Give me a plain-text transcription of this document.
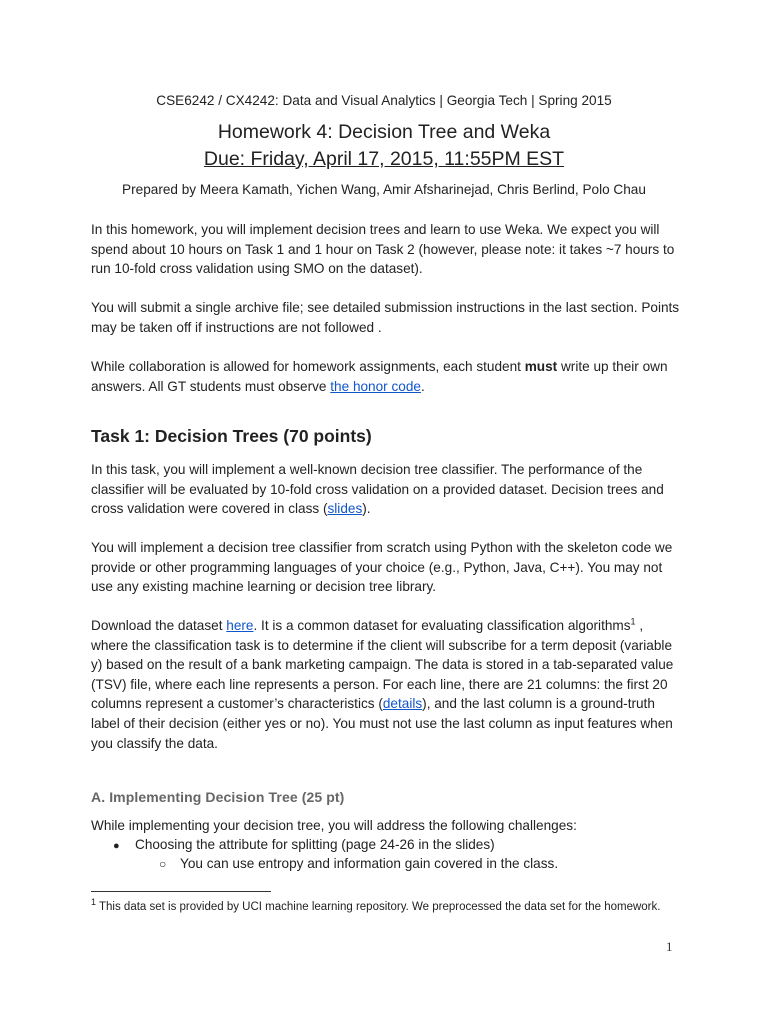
CSE6242 / CX4242: Data and Visual Analytics | Georgia Tech | Spring 2015
Homework 4: Decision Tree and Weka
Due: Friday, April 17, 2015, 11:55PM EST
Prepared by Meera Kamath, Yichen Wang, Amir Afsharinejad, Chris Berlind, Polo Chau
In this homework, you will implement decision trees and learn to use Weka. We expect you will spend about 10 hours on Task 1 and 1 hour on Task 2 (however, please note: it takes ~7 hours to run 10-fold cross validation using SMO on the dataset).
You will submit a single archive file; see detailed submission instructions in the last section. Points may be taken off if instructions are not followed .
While collaboration is allowed for homework assignments, each student must write up their own answers. All GT students must observe the honor code.
Task 1: Decision Trees (70 points)
In this task, you will implement a well-known decision tree classifier. The performance of the classifier will be evaluated by 10-fold cross validation on a provided dataset. Decision trees and cross validation were covered in class (slides).
You will implement a decision tree classifier from scratch using Python with the skeleton code we provide or other programming languages of your choice (e.g., Python, Java, C++). You may not use any existing machine learning or decision tree library.
Download the dataset here. It is a common dataset for evaluating classification algorithms$^1$ , where the classification task is to determine if the client will subscribe for a term deposit (variable y) based on the result of a bank marketing campaign. The data is stored in a tab-separated value (TSV) file, where each line represents a person. For each line, there are 21 columns: the first 20 columns represent a customer’s characteristics (details), and the last column is a ground-truth label of their decision (either yes or no). You must not use the last column as input features when you classify the data.
A. Implementing Decision Tree (25 pt)
While implementing your decision tree, you will address the following challenges:
● Choosing the attribute for splitting (page 24-26 in the slides)
○ You can use entropy and information gain covered in the class.
$^1$ This data set is provided by UCI machine learning repository. We preprocessed the data set for the homework.
1
